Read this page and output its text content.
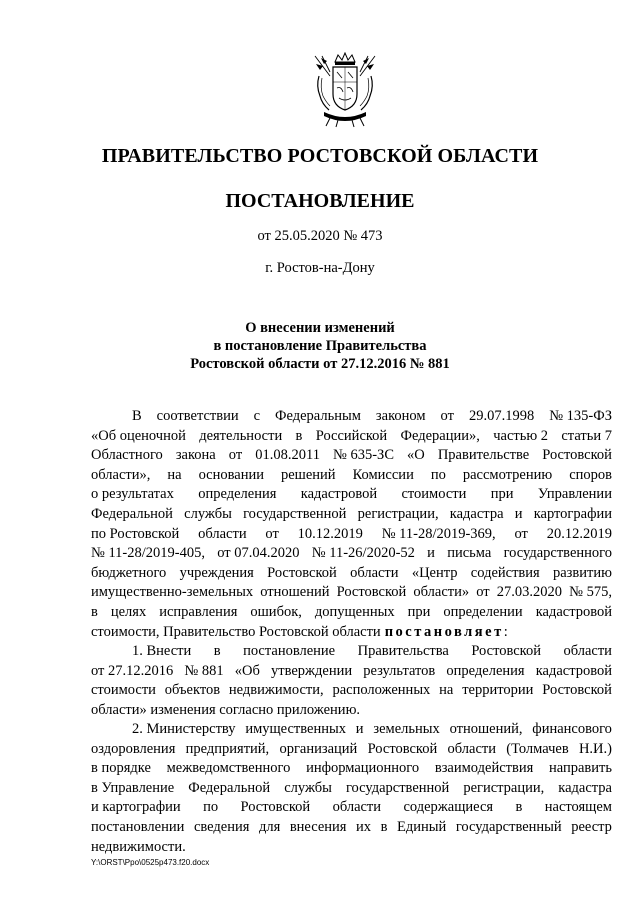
ПРАВИТЕЛЬСТВО РОСТОВСКОЙ ОБЛАСТИ
ПОСТАНОВЛЕНИЕ
от 25.05.2020 № 473
г. Ростов-на-Дону
О внесении изменений
в постановление Правительства
Ростовской области от 27.12.2016 № 881
В соответствии с Федеральным законом от 29.07.1998 № 135-ФЗ
«Об оценочной деятельности в Российской Федерации», частью 2 статьи 7
Областного закона от 01.08.2011 № 635-ЗС «О Правительстве Ростовской
области», на основании решений Комиссии по рассмотрению споров
о результатах определения кадастровой стоимости при Управлении
Федеральной службы государственной регистрации, кадастра и картографии
по Ростовской области от 10.12.2019 № 11-28/2019-369, от 20.12.2019
№ 11-28/2019-405, от 07.04.2020 № 11-26/2020-52 и письма государственного
бюджетного учреждения Ростовской области «Центр содействия развитию
имущественно-земельных отношений Ростовской области» от 27.03.2020 № 575,
в целях исправления ошибок, допущенных при определении кадастровой
стоимости, Правительство Ростовской области постановляет:
1. Внести в постановление Правительства Ростовской области
от 27.12.2016 № 881 «Об утверждении результатов определения кадастровой
стоимости объектов недвижимости, расположенных на территории Ростовской
области» изменения согласно приложению.
2. Министерству имущественных и земельных отношений, финансового
оздоровления предприятий, организаций Ростовской области (Толмачев Н.И.)
в порядке межведомственного информационного взаимодействия направить
в Управление Федеральной службы государственной регистрации, кадастра
и картографии по Ростовской области содержащиеся в настоящем
постановлении сведения для внесения их в Единый государственный реестр
недвижимости.
Y:\ORST\Ppo\0525p473.f20.docx
